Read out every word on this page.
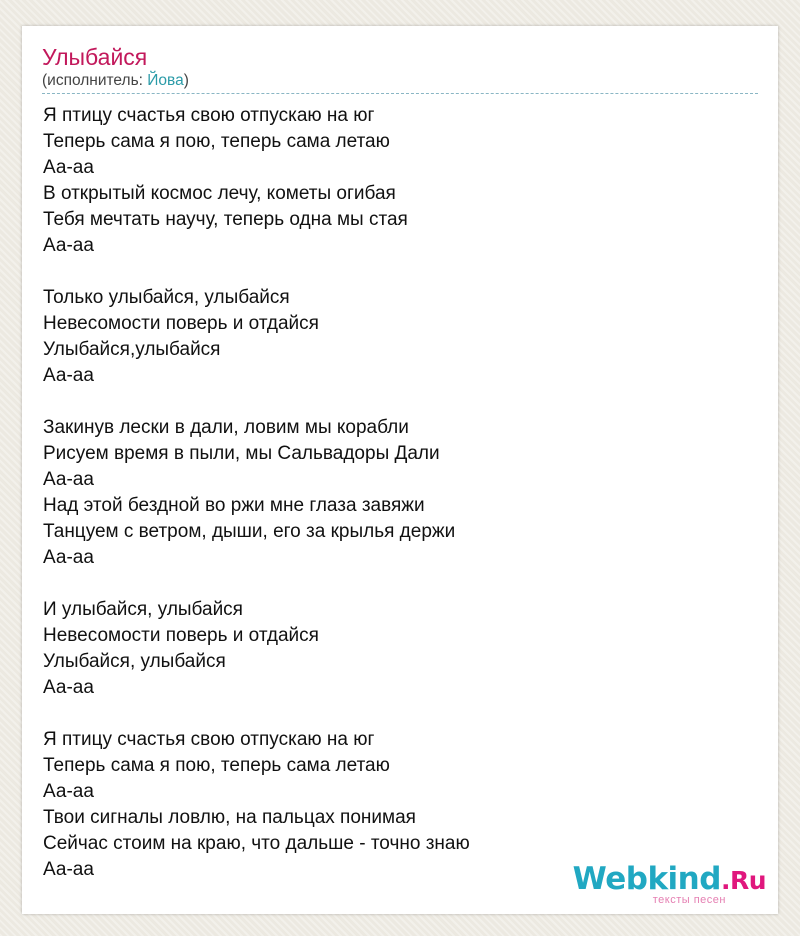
Улыбайся
(исполнитель: Йова)
Я птицу счастья свою отпускаю на юг
Теперь сама я пою, теперь сама летаю
Аа-аа
В открытый космос лечу, кометы огибая
Тебя мечтать научу, теперь одна мы стая
Аа-аа
Только улыбайся, улыбайся
Невесомости поверь и отдайся
Улыбайся,улыбайся
Аа-аа
Закинув лески в дали, ловим мы корабли
Рисуем время в пыли, мы Сальвадоры Дали
Аа-аа
Над этой бездной во ржи мне глаза завяжи
Танцуем с ветром, дыши, его за крылья держи
Аа-аа
И улыбайся, улыбайся
Невесомости поверь и отдайся
Улыбайся, улыбайся
Аа-аа
Я птицу счастья свою отпускаю на юг
Теперь сама я пою, теперь сама летаю
Аа-аа
Твои сигналы ловлю, на пальцах понимая
Сейчас стоим на краю, что дальше - точно знаю
Аа-аа	Webkind.Ru
тексты песен
